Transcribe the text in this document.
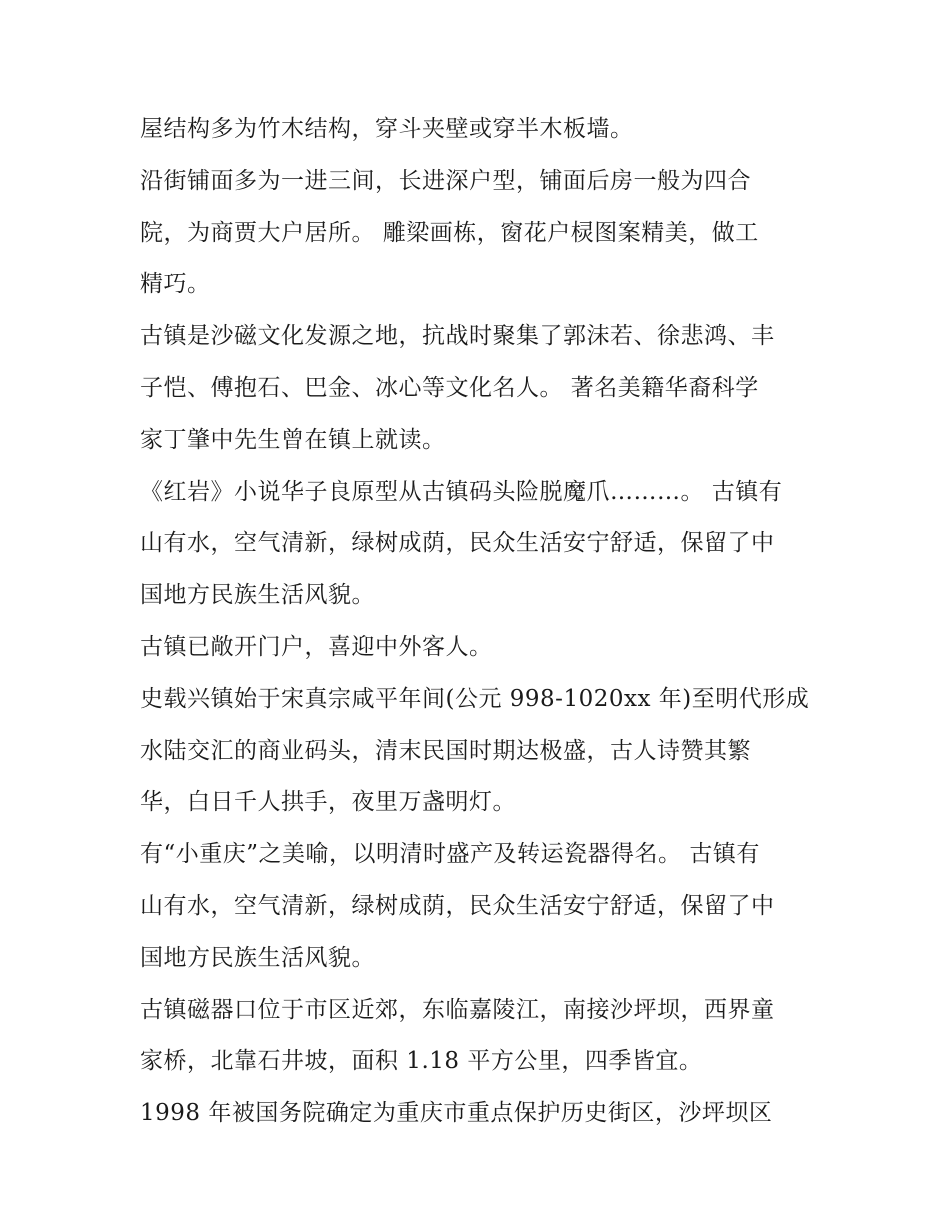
屋结构多为竹木结构，穿斗夹壁或穿半木板墙。
沿街铺面多为一进三间，长进深户型，铺面后房一般为四合
院，为商贾大户居所。 雕梁画栋，窗花户棂图案精美，做工
精巧。
古镇是沙磁文化发源之地，抗战时聚集了郭沫若、徐悲鸿、丰
子恺、傅抱石、巴金、冰心等文化名人。 著名美籍华裔科学
家丁肇中先生曾在镇上就读。
《红岩》小说华子良原型从古镇码头险脱魔爪………。 古镇有
山有水，空气清新，绿树成荫，民众生活安宁舒适，保留了中
国地方民族生活风貌。
古镇已敞开门户，喜迎中外客人。
史载兴镇始于宋真宗咸平年间(公元 998-1020xx 年)至明代形成
水陆交汇的商业码头，清末民国时期达极盛，古人诗赞其繁
华，白日千人拱手，夜里万盏明灯。
有“小重庆”之美喻，以明清时盛产及转运瓷器得名。 古镇有
山有水，空气清新，绿树成荫，民众生活安宁舒适，保留了中
国地方民族生活风貌。
古镇磁器口位于市区近郊，东临嘉陵江，南接沙坪坝，西界童
家桥，北靠石井坡，面积 1.18 平方公里，四季皆宜。
1998 年被国务院确定为重庆市重点保护历史街区，沙坪坝区
